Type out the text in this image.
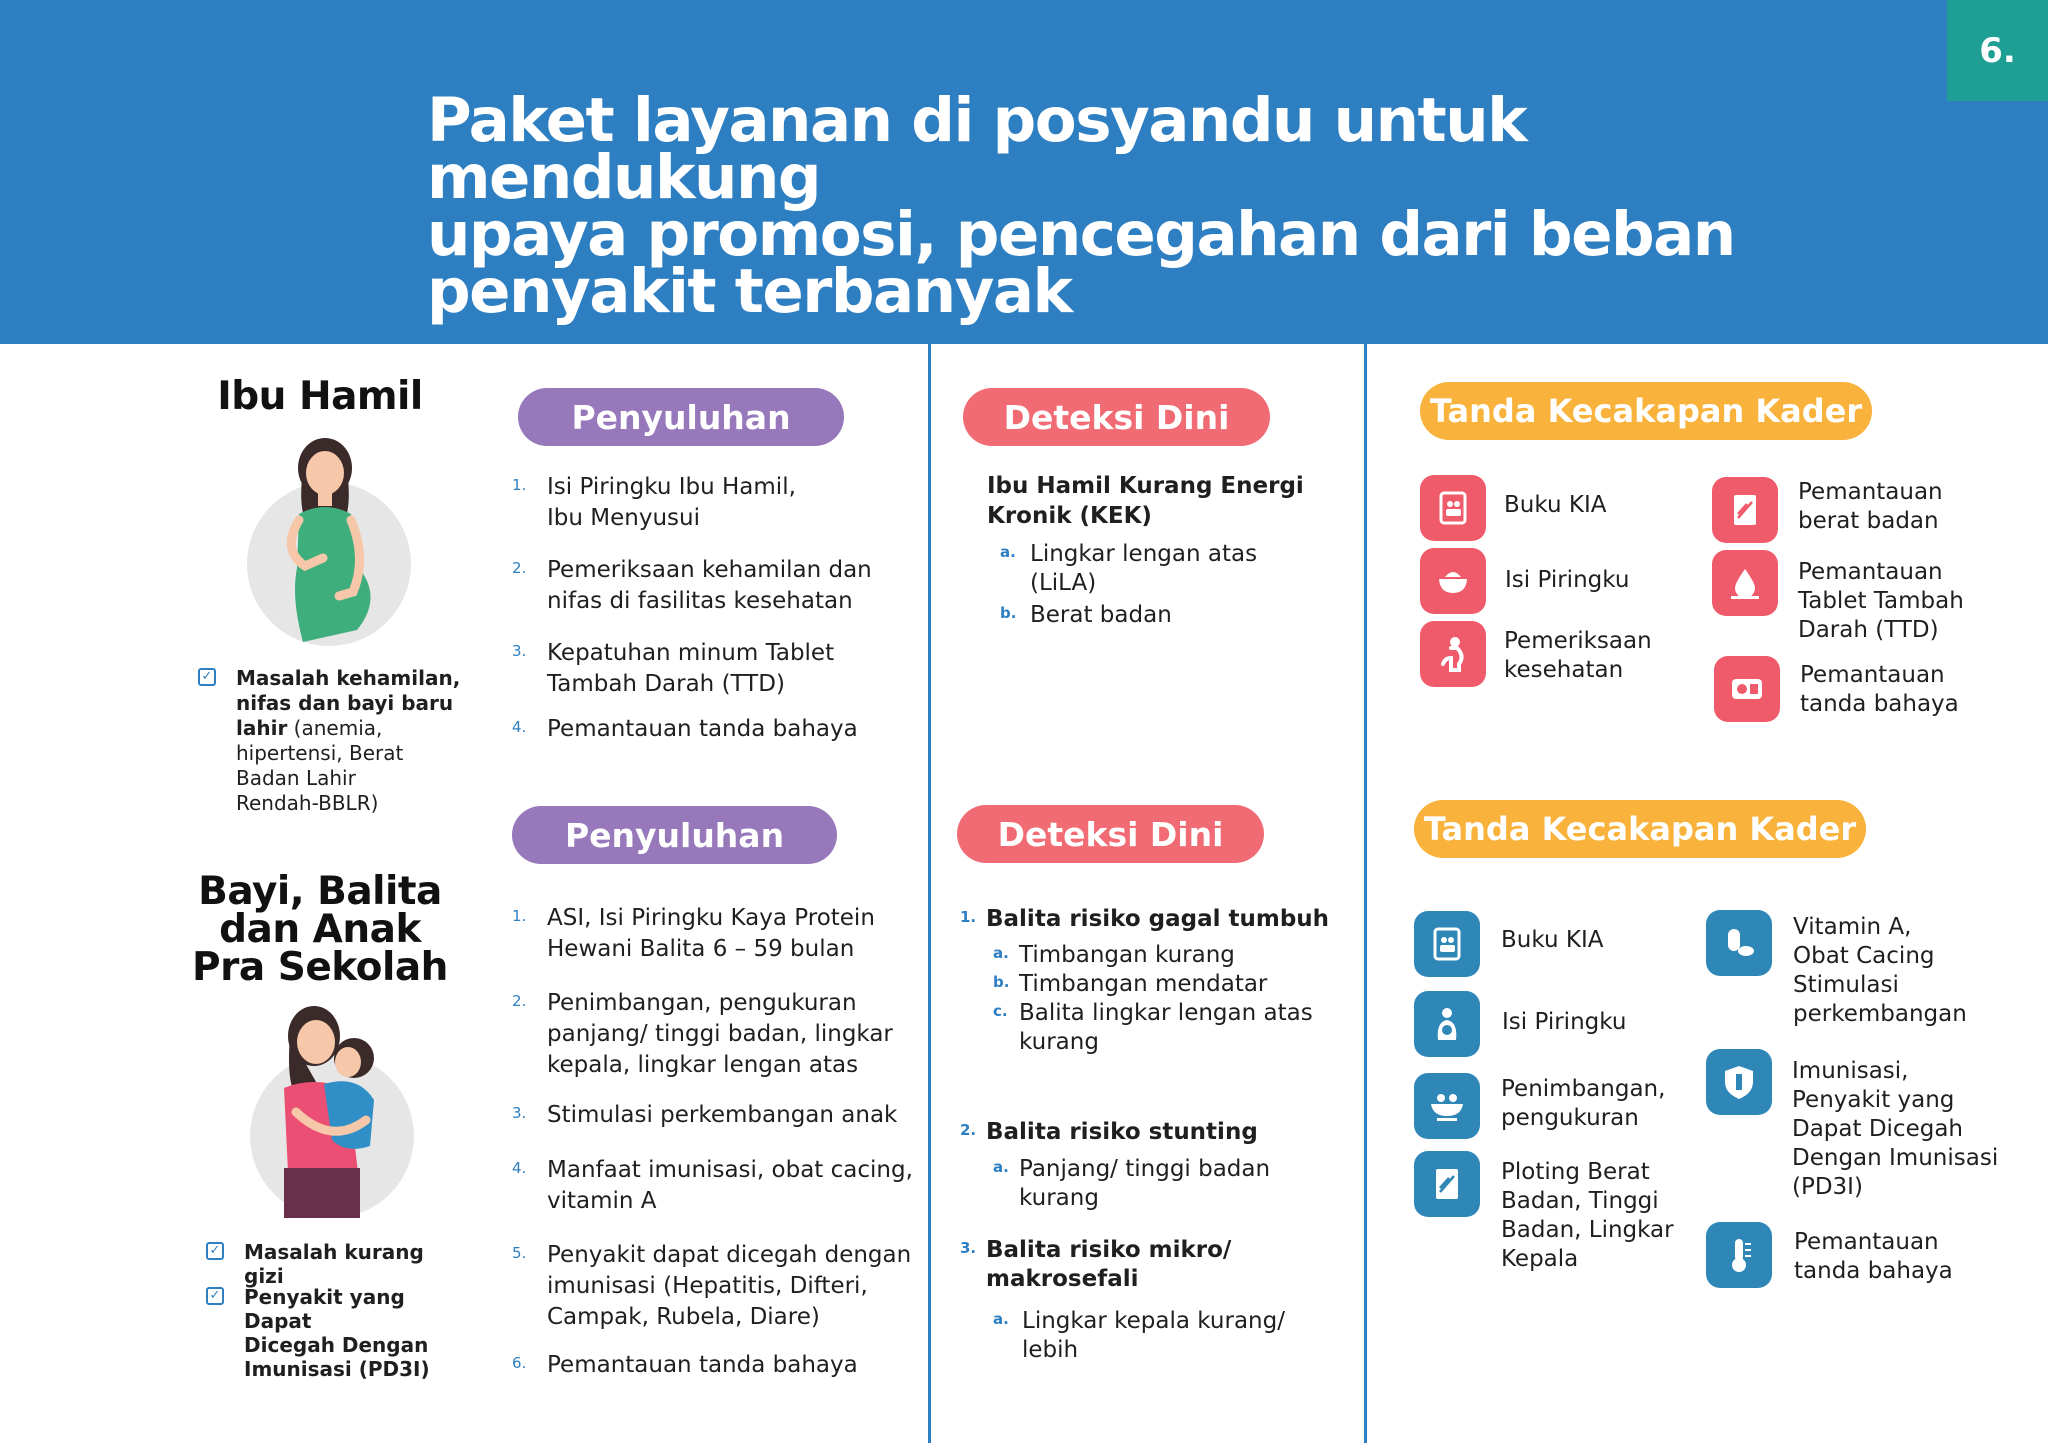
6.
Paket layanan di posyandu untuk mendukung
upaya promosi, pencegahan dari beban
penyakit terbanyak
Ibu Hamil
✓ Masalah kehamilan,
nifas dan bayi baru
lahir (anemia,
hipertensi, Berat
Badan Lahir
Rendah-BBLR)
Penyuluhan
1. Isi Piringku Ibu Hamil,
Ibu Menyusui
2. Pemeriksaan kehamilan dan
nifas di fasilitas kesehatan
3. Kepatuhan minum Tablet
Tambah Darah (TTD)
4. Pemantauan tanda bahaya
Deteksi Dini
Ibu Hamil Kurang Energi
Kronik (KEK)
a. Lingkar lengan atas
(LiLA)
b. Berat badan
Tanda Kecakapan Kader
Buku KIA
Isi Piringku
Pemeriksaan
kesehatan
Pemantauan
berat badan
Pemantauan
Tablet Tambah
Darah (TTD)
Pemantauan
tanda bahaya
Bayi, Balita
dan Anak
Pra Sekolah
✓ Masalah kurang gizi
✓ Penyakit yang Dapat
Dicegah Dengan
Imunisasi (PD3I)
Penyuluhan
1. ASI, Isi Piringku Kaya Protein
Hewani Balita 6 – 59 bulan
2. Penimbangan, pengukuran
panjang/ tinggi badan, lingkar
kepala, lingkar lengan atas
3. Stimulasi perkembangan anak
4. Manfaat imunisasi, obat cacing,
vitamin A
5. Penyakit dapat dicegah dengan
imunisasi (Hepatitis, Difteri,
Campak, Rubela, Diare)
6. Pemantauan tanda bahaya
Deteksi Dini
1. Balita risiko gagal tumbuh
a. Timbangan kurang
b. Timbangan mendatar
c. Balita lingkar lengan atas
kurang
2. Balita risiko stunting
a. Panjang/ tinggi badan
kurang
3. Balita risiko mikro/
makrosefali
a. Lingkar kepala kurang/
lebih
Tanda Kecakapan Kader
Buku KIA
Isi Piringku
Penimbangan,
pengukuran
Ploting Berat
Badan, Tinggi
Badan, Lingkar
Kepala
Vitamin A,
Obat Cacing
Stimulasi
perkembangan
Imunisasi,
Penyakit yang
Dapat Dicegah
Dengan Imunisasi
(PD3I)
Pemantauan
tanda bahaya
